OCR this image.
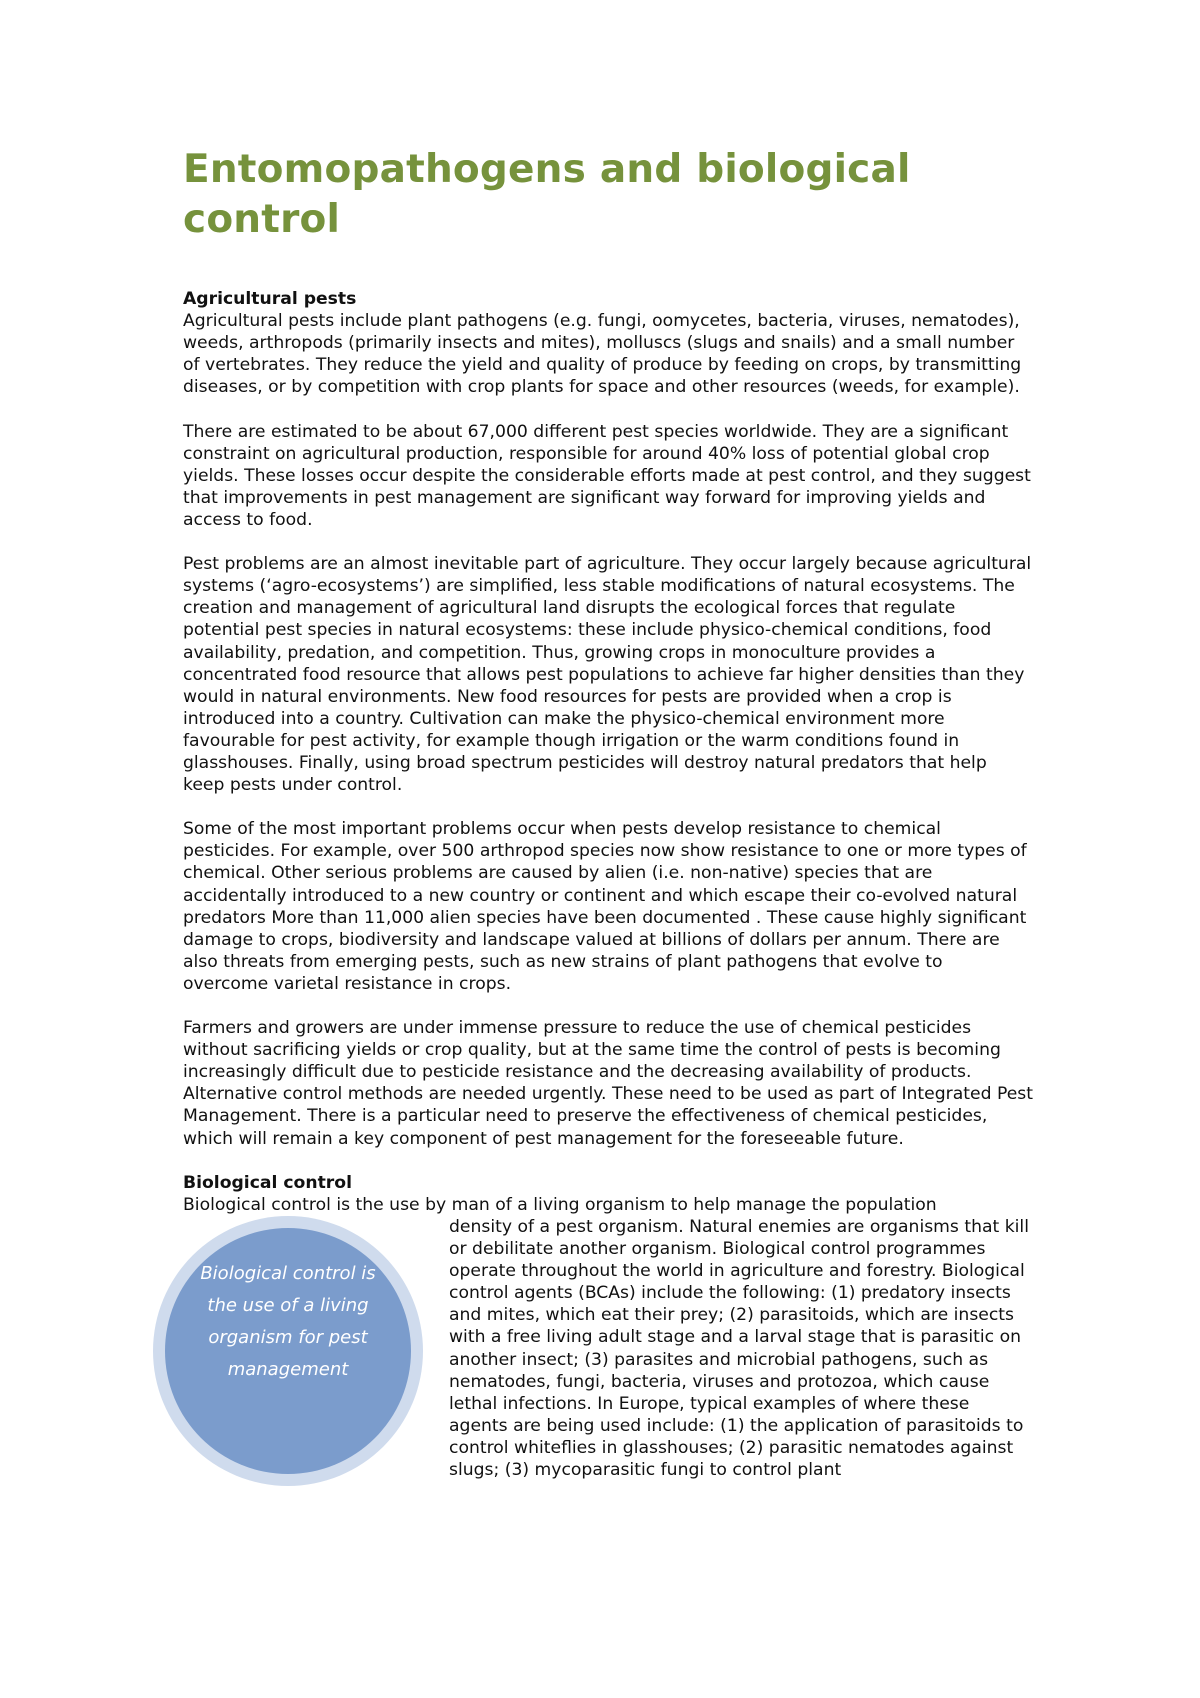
Entomopathogens and biological control
Agricultural pests

Agricultural pests include plant pathogens (e.g. fungi, oomycetes, bacteria, viruses, nematodes), weeds, arthropods (primarily insects and mites), molluscs (slugs and snails) and a small number of vertebrates. They reduce the yield and quality of produce by feeding on crops, by transmitting diseases, or by competition with crop plants for space and other resources (weeds, for example).

There are estimated to be about 67,000 different pest species worldwide. They are a significant constraint on agricultural production, responsible for around 40% loss of potential global crop yields. These losses occur despite the considerable efforts made at pest control, and they suggest that improvements in pest management are significant way forward for improving yields and access to food.

Pest problems are an almost inevitable part of agriculture. They occur largely because agricultural systems (‘agro-ecosystems’) are simplified, less stable modifications of natural ecosystems. The creation and management of agricultural land disrupts the ecological forces that regulate potential pest species in natural ecosystems: these include physico-chemical conditions, food availability, predation, and competition. Thus, growing crops in monoculture provides a concentrated food resource that allows pest populations to achieve far higher densities than they would in natural environments. New food resources for pests are provided when a crop is introduced into a country. Cultivation can make the physico-chemical environment more favourable for pest activity, for example though irrigation or the warm conditions found in glasshouses. Finally, using broad spectrum pesticides will destroy natural predators that help keep pests under control.

Some of the most important problems occur when pests develop resistance to chemical pesticides. For example, over 500 arthropod species now show resistance to one or more types of chemical. Other serious problems are caused by alien (i.e. non-native) species that are accidentally introduced to a new country or continent and which escape their co-evolved natural predators More than 11,000 alien species have been documented . These cause highly significant damage to crops, biodiversity and landscape valued at billions of dollars per annum. There are also threats from emerging pests, such as new strains of plant pathogens that evolve to overcome varietal resistance in crops.

Farmers and growers are under immense pressure to reduce the use of chemical pesticides without sacrificing yields or crop quality, but at the same time the control of pests is becoming increasingly difficult due to pesticide resistance and the decreasing availability of products. Alternative control methods are needed urgently. These need to be used as part of Integrated Pest Management. There is a particular need to preserve the effectiveness of chemical pesticides, which will remain a key component of pest management for the foreseeable future.

Biological control

Biological control is the use by man of a living organism to help manage the population

density of a pest organism. Natural enemies are organisms that kill or debilitate another organism. Biological control programmes operate throughout the world in agriculture and forestry. Biological control agents (BCAs) include the following: (1) predatory insects and mites, which eat their prey; (2) parasitoids, which are insects with a free living adult stage and a larval stage that is parasitic on another insect; (3) parasites and microbial pathogens, such as nematodes, fungi, bacteria, viruses and protozoa, which cause lethal infections. In Europe, typical examples of where these agents are being used include: (1) the application of parasitoids to control whiteflies in glasshouses; (2) parasitic nematodes against slugs; (3) mycoparasitic fungi to control plant

Biological control is the use of a living organism for pest management
